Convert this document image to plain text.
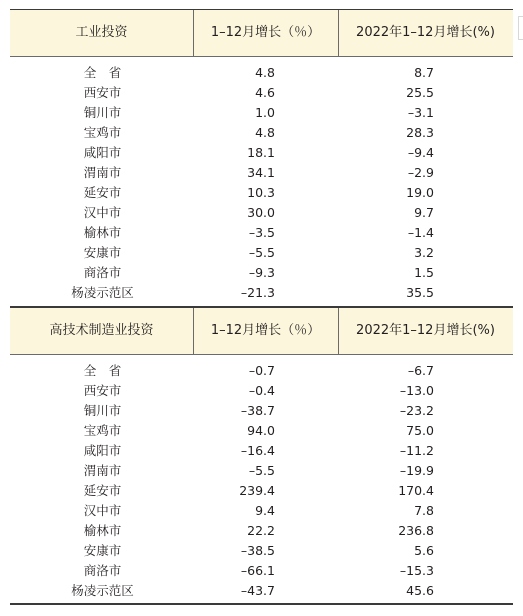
工业投资	1–12月增长（％）	2022年1–12月增长(%)
全　省	4.8	8.7
西安市	4.6	25.5
铜川市	1.0	–3.1
宝鸡市	4.8	28.3
咸阳市	18.1	–9.4
渭南市	34.1	–2.9
延安市	10.3	19.0
汉中市	30.0	9.7
榆林市	–3.5	–1.4
安康市	–5.5	3.2
商洛市	–9.3	1.5
杨凌示范区	–21.3	35.5
高技术制造业投资	1–12月增长（％）	2022年1–12月增长(%)
全　省	–0.7	–6.7
西安市	–0.4	–13.0
铜川市	–38.7	–23.2
宝鸡市	94.0	75.0
咸阳市	–16.4	–11.2
渭南市	–5.5	–19.9
延安市	239.4	170.4
汉中市	9.4	7.8
榆林市	22.2	236.8
安康市	–38.5	5.6
商洛市	–66.1	–15.3
杨凌示范区	–43.7	45.6
